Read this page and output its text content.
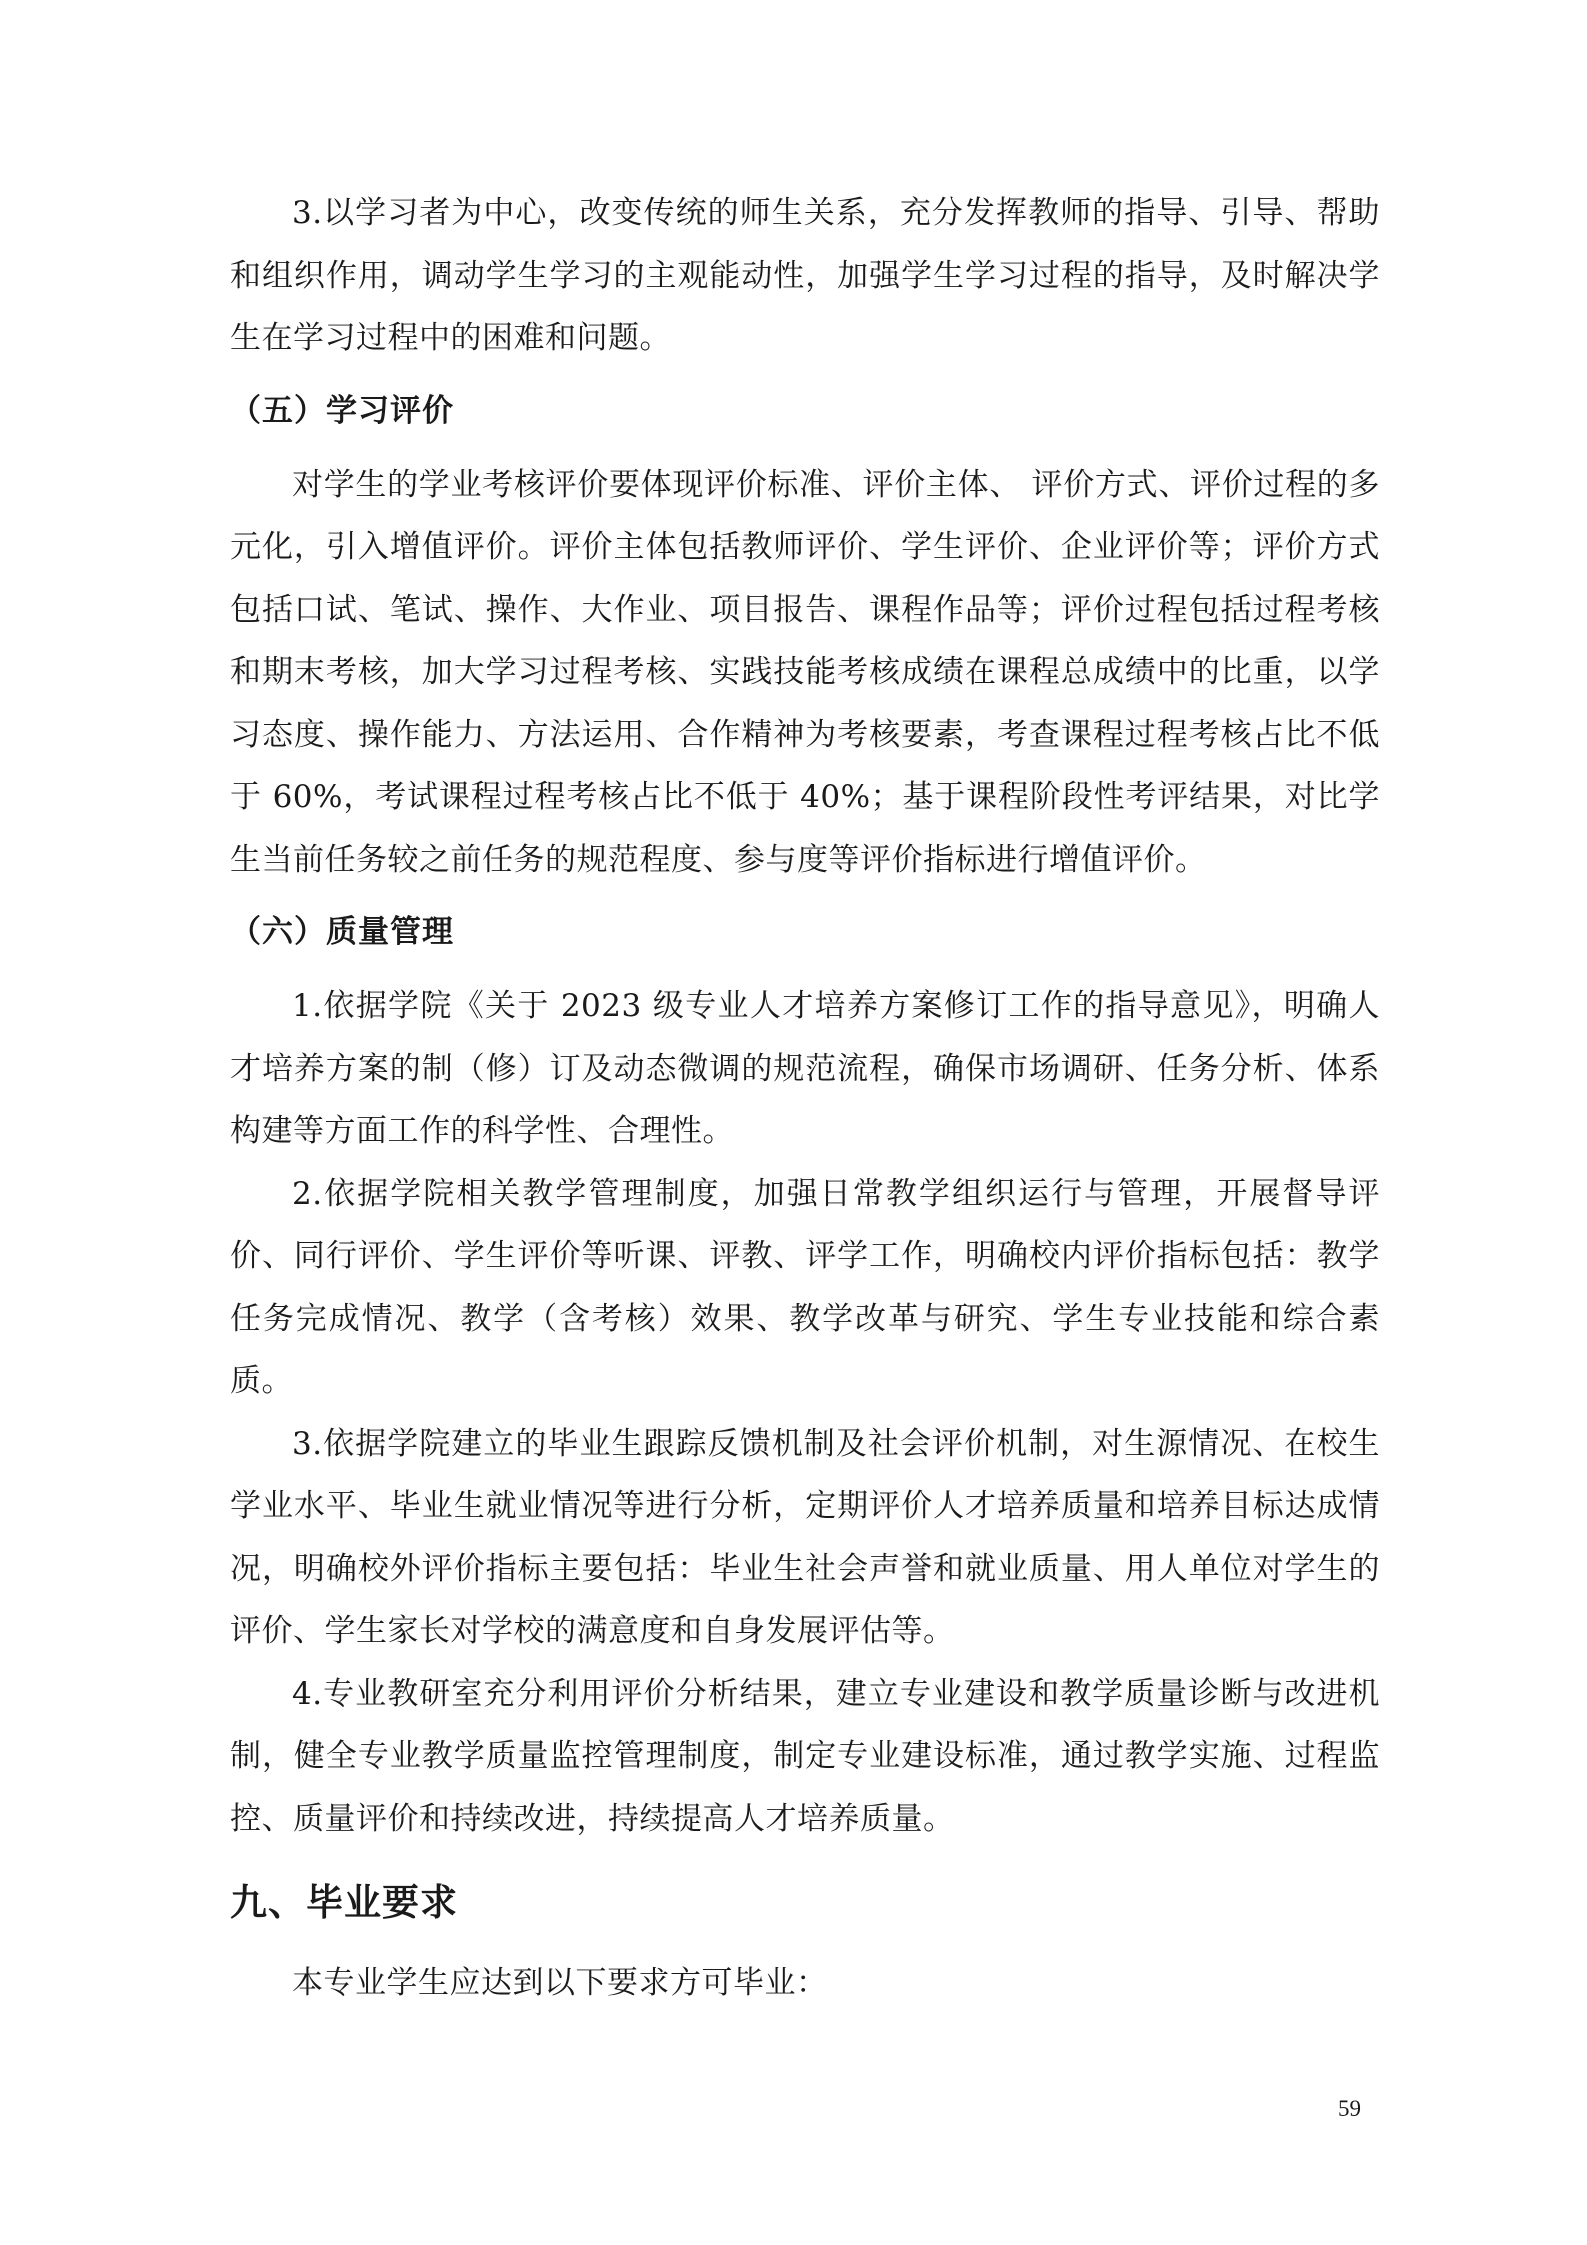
3.以学习者为中心，改变传统的师生关系，充分发挥教师的指导、引导、帮助和组织作用，调动学生学习的主观能动性，加强学生学习过程的指导，及时解决学生在学习过程中的困难和问题。

（五）学习评价

对学生的学业考核评价要体现评价标准、评价主体、 评价方式、评价过程的多元化，引入增值评价。评价主体包括教师评价、学生评价、企业评价等；评价方式包括口试、笔试、操作、大作业、项目报告、课程作品等；评价过程包括过程考核和期末考核，加大学习过程考核、实践技能考核成绩在课程总成绩中的比重，以学习态度、操作能力、方法运用、合作精神为考核要素，考查课程过程考核占比不低于 60%，考试课程过程考核占比不低于 40%；基于课程阶段性考评结果，对比学生当前任务较之前任务的规范程度、参与度等评价指标进行增值评价。

（六）质量管理

1.依据学院《关于 2023 级专业人才培养方案修订工作的指导意见》，明确人才培养方案的制（修）订及动态微调的规范流程，确保市场调研、任务分析、体系构建等方面工作的科学性、合理性。

2.依据学院相关教学管理制度，加强日常教学组织运行与管理，开展督导评价、同行评价、学生评价等听课、评教、评学工作，明确校内评价指标包括：教学任务完成情况、教学（含考核）效果、教学改革与研究、学生专业技能和综合素质。

3.依据学院建立的毕业生跟踪反馈机制及社会评价机制，对生源情况、在校生学业水平、毕业生就业情况等进行分析，定期评价人才培养质量和培养目标达成情况，明确校外评价指标主要包括：毕业生社会声誉和就业质量、用人单位对学生的评价、学生家长对学校的满意度和自身发展评估等。

4.专业教研室充分利用评价分析结果，建立专业建设和教学质量诊断与改进机制，健全专业教学质量监控管理制度，制定专业建设标准，通过教学实施、过程监控、质量评价和持续改进，持续提高人才培养质量。

九、毕业要求

本专业学生应达到以下要求方可毕业：

59
